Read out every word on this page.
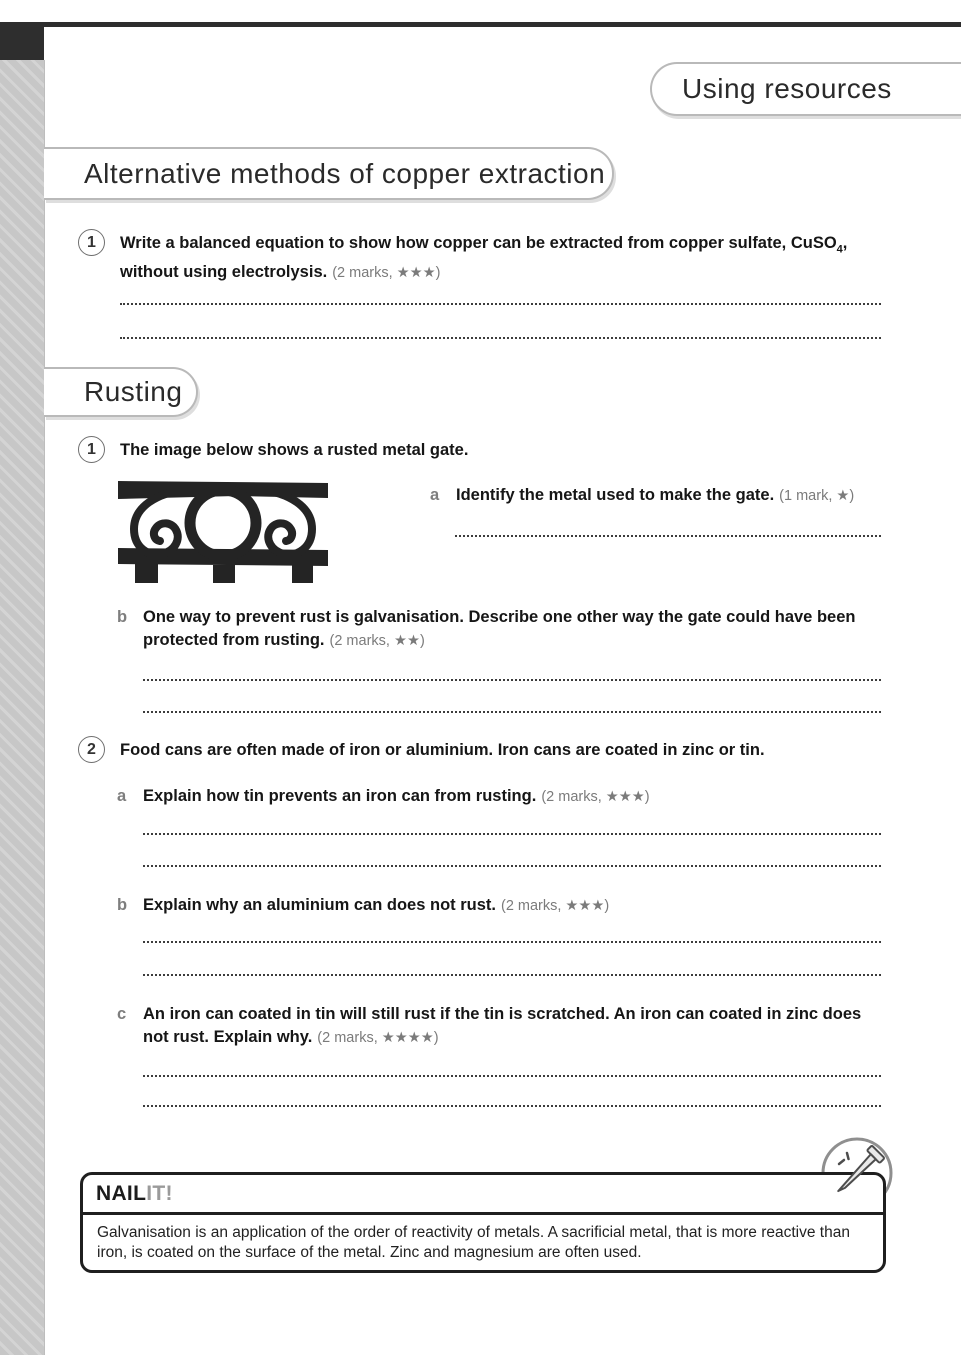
Using resources
Alternative methods of copper extraction
1 Write a balanced equation to show how copper can be extracted from copper sulfate, CuSO$_4$, without using electrolysis. (2 marks, ★★★)
Rusting
1 The image below shows a rusted metal gate.
a	Identify the metal used to make the gate. (1 mark, ★)
b One way to prevent rust is galvanisation. Describe one other way the gate could have been protected from rusting. (2 marks, ★★)
2 Food cans are often made of iron or aluminium. Iron cans are coated in zinc or tin.
a	Explain how tin prevents an iron can from rusting. (2 marks, ★★★)
b Explain why an aluminium can does not rust. (2 marks, ★★★)
c	An iron can coated in tin will still rust if the tin is scratched. An iron can coated in zinc does not rust. Explain why. (2 marks, ★★★★)
NAIL IT!
Galvanisation is an application of the order of reactivity of metals. A sacrificial metal, that is more reactive than iron, is coated on the surface of the metal. Zinc and magnesium are often used.
